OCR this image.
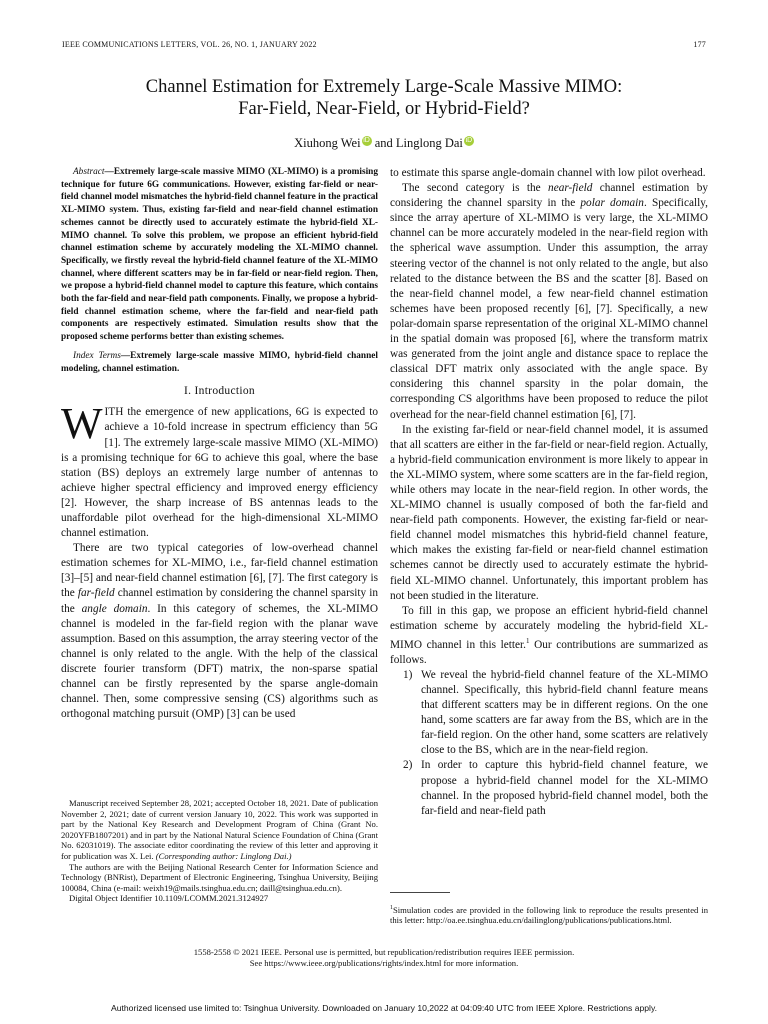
IEEE COMMUNICATIONS LETTERS, VOL. 26, NO. 1, JANUARY 2022	177
Channel Estimation for Extremely Large-Scale Massive MIMO:
Far-Field, Near-Field, or Hybrid-Field?
Xiuhong Wei iD and Linglong Dai iD

Abstract—Extremely large-scale massive MIMO (XL-MIMO) is a promising technique for future 6G communications. However, existing far-field or near-field channel model mismatches the hybrid-field channel feature in the practical XL-MIMO system. Thus, existing far-field and near-field channel estimation schemes cannot be directly used to accurately estimate the hybrid-field XL-MIMO channel. To solve this problem, we propose an efficient hybrid-field channel estimation scheme by accurately modeling the XL-MIMO channel. Specifically, we firstly reveal the hybrid-field channel feature of the XL-MIMO channel, where different scatters may be in far-field or near-field region. Then, we propose a hybrid-field channel model to capture this feature, which contains both the far-field and near-field path components. Finally, we propose a hybrid-field channel estimation scheme, where the far-field and near-field path components are respectively estimated. Simulation results show that the proposed scheme performs better than existing schemes.

Index Terms—Extremely large-scale massive MIMO, hybrid-field channel modeling, channel estimation.

I. Introduction

WITH the emergence of new applications, 6G is expected to achieve a 10-fold increase in spectrum efficiency than 5G [1]. The extremely large-scale massive MIMO (XL-MIMO) is a promising technique for 6G to achieve this goal, where the base station (BS) deploys an extremely large number of antennas to achieve higher spectral efficiency and improved energy efficiency [2]. However, the sharp increase of BS antennas leads to the unaffordable pilot overhead for the high-dimensional XL-MIMO channel estimation.

There are two typical categories of low-overhead channel estimation schemes for XL-MIMO, i.e., far-field channel estimation [3]–[5] and near-field channel estimation [6], [7]. The first category is the far-field channel estimation by considering the channel sparsity in the angle domain. In this category of schemes, the XL-MIMO channel is modeled in the far-field region with the planar wave assumption. Based on this assumption, the array steering vector of the channel is only related to the angle. With the help of the classical discrete fourier transform (DFT) matrix, the non-sparse spatial channel can be firstly represented by the sparse angle-domain channel. Then, some compressive sensing (CS) algorithms such as orthogonal matching pursuit (OMP) [3] can be used

Manuscript received September 28, 2021; accepted October 18, 2021. Date of publication November 2, 2021; date of current version January 10, 2022. This work was supported in part by the National Key Research and Development Program of China (Grant No. 2020YFB1807201) and in part by the National Natural Science Foundation of China (Grant No. 62031019). The associate editor coordinating the review of this letter and approving it for publication was X. Lei. (Corresponding author: Linglong Dai.)

The authors are with the Beijing National Research Center for Information Science and Technology (BNRist), Department of Electronic Engineering, Tsinghua University, Beijing 100084, China (e-mail: weixh19@mails.tsinghua.edu.cn; daill@tsinghua.edu.cn).

Digital Object Identifier 10.1109/LCOMM.2021.3124927

to estimate this sparse angle-domain channel with low pilot overhead.

The second category is the near-field channel estimation by considering the channel sparsity in the polar domain. Specifically, since the array aperture of XL-MIMO is very large, the XL-MIMO channel can be more accurately modeled in the near-field region with the spherical wave assumption. Under this assumption, the array steering vector of the channel is not only related to the angle, but also related to the distance between the BS and the scatter [8]. Based on the near-field channel model, a few near-field channel estimation schemes have been proposed recently [6], [7]. Specifically, a new polar-domain sparse representation of the original XL-MIMO channel in the spatial domain was proposed [6], where the transform matrix was generated from the joint angle and distance space to replace the classical DFT matrix only associated with the angle space. By considering this channel sparsity in the polar domain, the corresponding CS algorithms have been proposed to reduce the pilot overhead for the near-field channel estimation [6], [7].

In the existing far-field or near-field channel model, it is assumed that all scatters are either in the far-field or near-field region. Actually, a hybrid-field communication environment is more likely to appear in the XL-MIMO system, where some scatters are in the far-field region, while others may locate in the near-field region. In other words, the XL-MIMO channel is usually composed of both the far-field and near-field path components. However, the existing far-field or near-field channel model mismatches this hybrid-field channel feature, which makes the existing far-field or near-field channel estimation schemes cannot be directly used to accurately estimate the hybrid-field XL-MIMO channel. Unfortunately, this important problem has not been studied in the literature.

To fill in this gap, we propose an efficient hybrid-field channel estimation scheme by accurately modeling the hybrid-field XL-MIMO channel in this letter.$^1$ Our contributions are summarized as follows.

1) We reveal the hybrid-field channel feature of the XL-MIMO channel. Specifically, this hybrid-field channl feature means that different scatters may be in different regions. On the one hand, some scatters are far away from the BS, which are in the far-field region. On the other hand, some scatters are relatively close to the BS, which are in the near-field region.
2) In order to capture this hybrid-field channel feature, we propose a hybrid-field channel model for the XL-MIMO channel. In the proposed hybrid-field channel model, both the far-field and near-field path
$^1$Simulation codes are provided in the following link to reproduce the results presented in this letter: http://oa.ee.tsinghua.edu.cn/dailinglong/publications/publications.html.
1558-2558 © 2021 IEEE. Personal use is permitted, but republication/redistribution requires IEEE permission.
See https://www.ieee.org/publications/rights/index.html for more information.
Authorized licensed use limited to: Tsinghua University. Downloaded on January 10,2022 at 04:09:40 UTC from IEEE Xplore. Restrictions apply.
